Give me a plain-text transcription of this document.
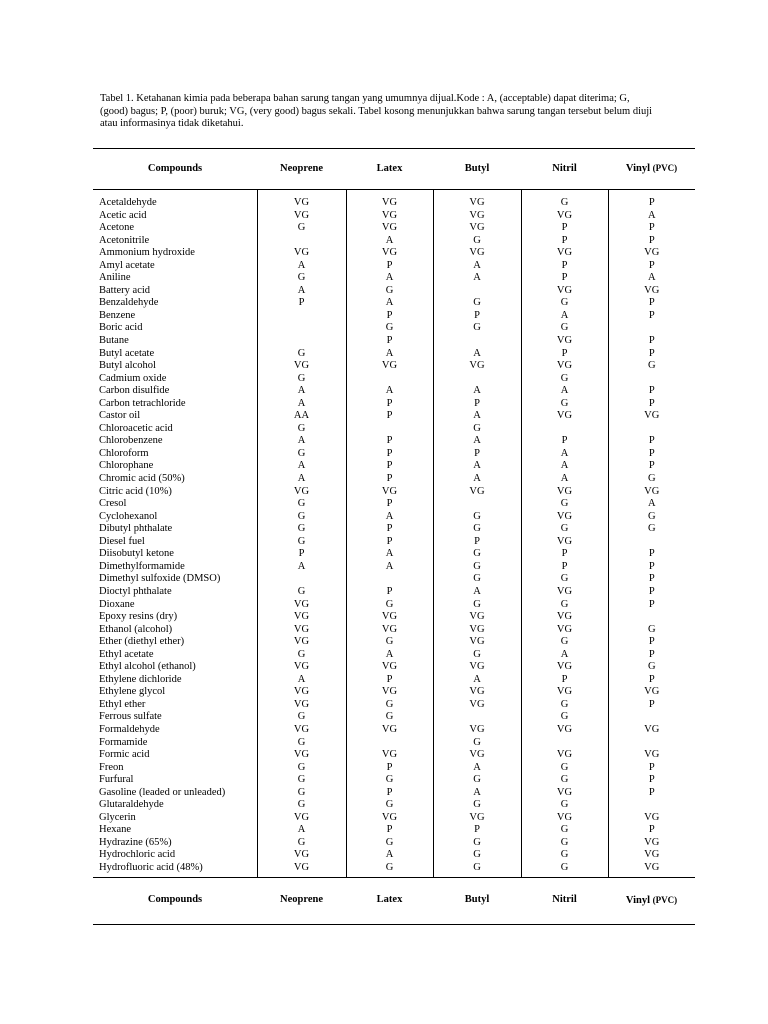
Tabel 1. Ketahanan kimia pada beberapa bahan sarung tangan yang umumnya dijual.Kode : A, (acceptable) dapat diterima; G, (good) bagus; P, (poor) buruk; VG, (very good) bagus sekali. Tabel kosong menunjukkan bahwa sarung tangan tersebut belum diuji atau informasinya tidak diketahui.
Compounds	Neoprene	Latex	Butyl	Nitril	Vinyl (PVC)

Acetaldehyde	VG	VG	VG	G	P
Acetic acid	VG	VG	VG	VG	A
Acetone	G	VG	VG	P	P
Acetonitrile		A	G	P	P
Ammonium hydroxide	VG	VG	VG	VG	VG
Amyl acetate	A	P	A	P	P
Aniline	G	A	A	P	A
Battery acid	A	G		VG	VG
Benzaldehyde	P	A	G	G	P
Benzene		P	P	A	P
Boric acid		G	G	G	
Butane		P		VG	P
Butyl acetate	G	A	A	P	P
Butyl alcohol	VG	VG	VG	VG	G
Cadmium oxide	G			G	
Carbon disulfide	A	A	A	A	P
Carbon tetrachloride	A	P	P	G	P
Castor oil	AA	P	A	VG	VG
Chloroacetic acid	G		G		
Chlorobenzene	A	P	A	P	P
Chloroform	G	P	P	A	P
Chlorophane	A	P	A	A	P
Chromic acid (50%)	A	P	A	A	G
Citric acid (10%)	VG	VG	VG	VG	VG
Cresol	G	P		G	A
Cyclohexanol	G	A	G	VG	G
Dibutyl phthalate	G	P	G	G	G
Diesel fuel	G	P	P	VG	
Diisobutyl ketone	P	A	G	P	P
Dimethylformamide	A	A	G	P	P
Dimethyl sulfoxide (DMSO)			G	G	P
Dioctyl phthalate	G	P	A	VG	P
Dioxane	VG	G	G	G	P
Epoxy resins (dry)	VG	VG	VG	VG	
Ethanol (alcohol)	VG	VG	VG	VG	G
Ether (diethyl ether)	VG	G	VG	G	P
Ethyl acetate	G	A	G	A	P
Ethyl alcohol (ethanol)	VG	VG	VG	VG	G
Ethylene dichloride	A	P	A	P	P
Ethylene glycol	VG	VG	VG	VG	VG
Ethyl ether	VG	G	VG	G	P
Ferrous sulfate	G	G		G	
Formaldehyde	VG	VG	VG	VG	VG
Formamide	G		G		
Formic acid	VG	VG	VG	VG	VG
Freon	G	P	A	G	P
Furfural	G	G	G	G	P
Gasoline (leaded or unleaded)	G	P	A	VG	P
Glutaraldehyde	G	G	G	G	
Glycerin	VG	VG	VG	VG	VG
Hexane	A	P	P	G	P
Hydrazine (65%)	G	G	G	G	VG
Hydrochloric acid	VG	A	G	G	VG
Hydrofluoric acid (48%)	VG	G	G	G	VG
Compounds	Neoprene	Latex	Butyl	Nitril	Vinyl (PVC)
